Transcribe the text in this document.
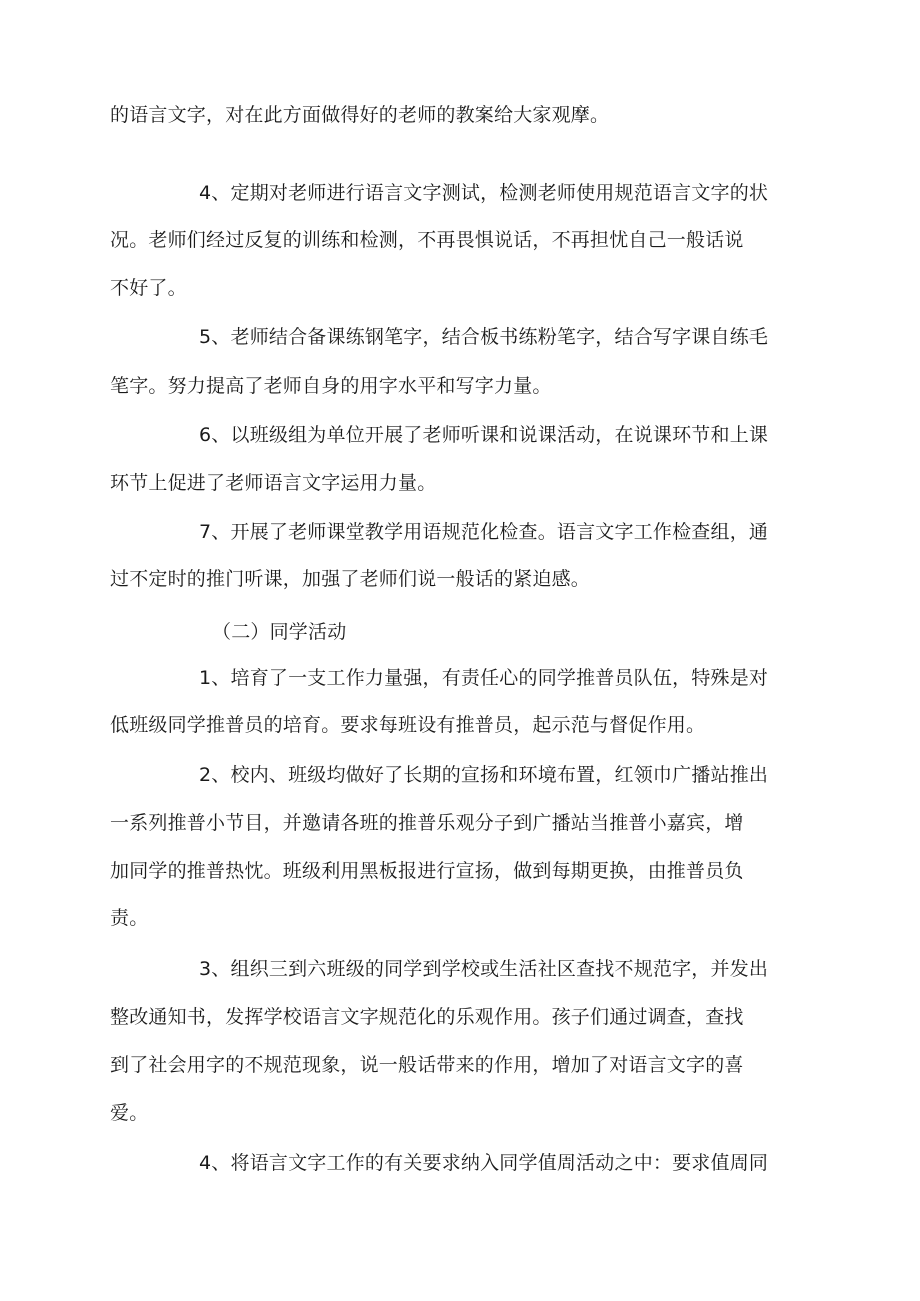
的语言文字，对在此方面做得好的老师的教案给大家观摩。
4、定期对老师进行语言文字测试，检测老师使用规范语言文字的状
况。老师们经过反复的训练和检测，不再畏惧说话，不再担忧自己一般话说
不好了。
5、老师结合备课练钢笔字，结合板书练粉笔字，结合写字课自练毛
笔字。努力提高了老师自身的用字水平和写字力量。
6、以班级组为单位开展了老师听课和说课活动，在说课环节和上课
环节上促进了老师语言文字运用力量。
7、开展了老师课堂教学用语规范化检查。语言文字工作检查组，通
过不定时的推门听课，加强了老师们说一般话的紧迫感。
（二）同学活动
1、培育了一支工作力量强，有责任心的同学推普员队伍，特殊是对
低班级同学推普员的培育。要求每班设有推普员，起示范与督促作用。
2、校内、班级均做好了长期的宣扬和环境布置，红领巾广播站推出
一系列推普小节目，并邀请各班的推普乐观分子到广播站当推普小嘉宾，增
加同学的推普热忱。班级利用黑板报进行宣扬，做到每期更换，由推普员负
责。
3、组织三到六班级的同学到学校或生活社区查找不规范字，并发出
整改通知书，发挥学校语言文字规范化的乐观作用。孩子们通过调查，查找
到了社会用字的不规范现象，说一般话带来的作用，增加了对语言文字的喜
爱。
4、将语言文字工作的有关要求纳入同学值周活动之中：要求值周同
